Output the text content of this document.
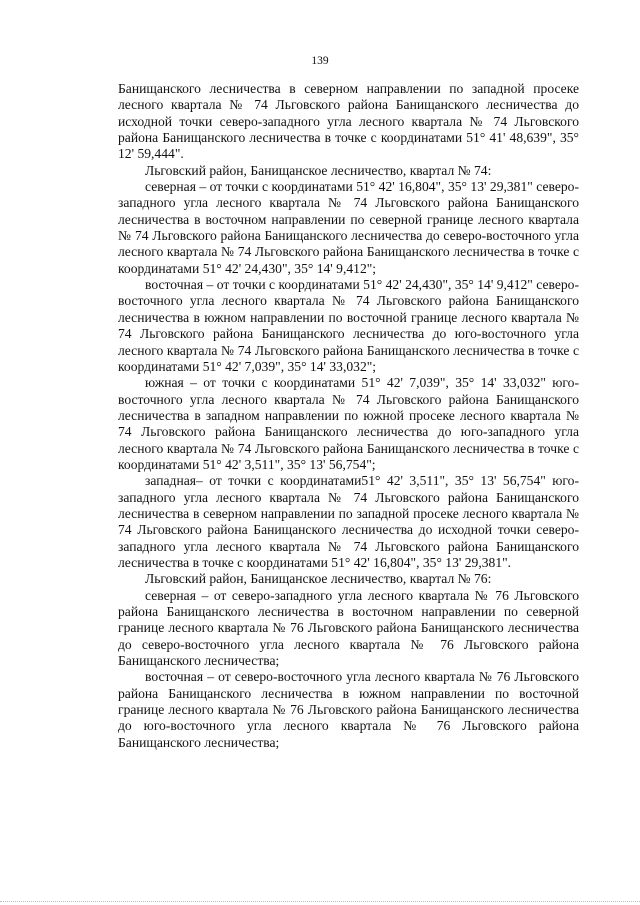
139

Банищанского лесничества в северном направлении по западной просеке лесного квартала № 74 Льговского района Банищанского лесничества до исходной точки северо-западного угла лесного квартала № 74 Льговского района Банищанского лесничества в точке с координатами 51° 41' 48,639", 35° 12' 59,444".

Льговский район, Банищанское лесничество, квартал № 74:

северная – от точки с координатами 51° 42' 16,804", 35° 13' 29,381" северо-западного угла лесного квартала № 74 Льговского района Банищанского лесничества в восточном направлении по северной границе лесного квартала № 74 Льговского района Банищанского лесничества до северо-восточного угла лесного квартала № 74 Льговского района Банищанского лесничества в точке с координатами 51° 42' 24,430", 35° 14' 9,412";

восточная – от точки с координатами 51° 42' 24,430", 35° 14' 9,412" северо-восточного угла лесного квартала № 74 Льговского района Банищанского лесничества в южном направлении по восточной границе лесного квартала № 74 Льговского района Банищанского лесничества до юго-восточного угла лесного квартала № 74 Льговского района Банищанского лесничества в точке с координатами 51° 42' 7,039", 35° 14' 33,032";

южная – от точки с координатами 51° 42' 7,039", 35° 14' 33,032" юго-восточного угла лесного квартала № 74 Льговского района Банищанского лесничества в западном направлении по южной просеке лесного квартала № 74 Льговского района Банищанского лесничества до юго-западного угла лесного квартала № 74 Льговского района Банищанского лесничества в точке с координатами 51° 42' 3,511", 35° 13' 56,754";

западная– от точки с координатами51° 42' 3,511", 35° 13' 56,754" юго-западного угла лесного квартала № 74 Льговского района Банищанского лесничества в северном направлении по западной просеке лесного квартала № 74 Льговского района Банищанского лесничества до исходной точки северо-западного угла лесного квартала № 74 Льговского района Банищанского лесничества в точке с координатами 51° 42' 16,804", 35° 13' 29,381".

Льговский район, Банищанское лесничество, квартал № 76:

северная – от северо-западного угла лесного квартала № 76 Льговского района Банищанского лесничества в восточном направлении по северной границе лесного квартала № 76 Льговского района Банищанского лесничества до северо-восточного угла лесного квартала № 76 Льговского района Банищанского лесничества;

восточная – от северо-восточного угла лесного квартала № 76 Льговского района Банищанского лесничества в южном направлении по восточной границе лесного квартала № 76 Льговского района Банищанского лесничества до юго-восточного угла лесного квартала № 76 Льговского района Банищанского лесничества;
